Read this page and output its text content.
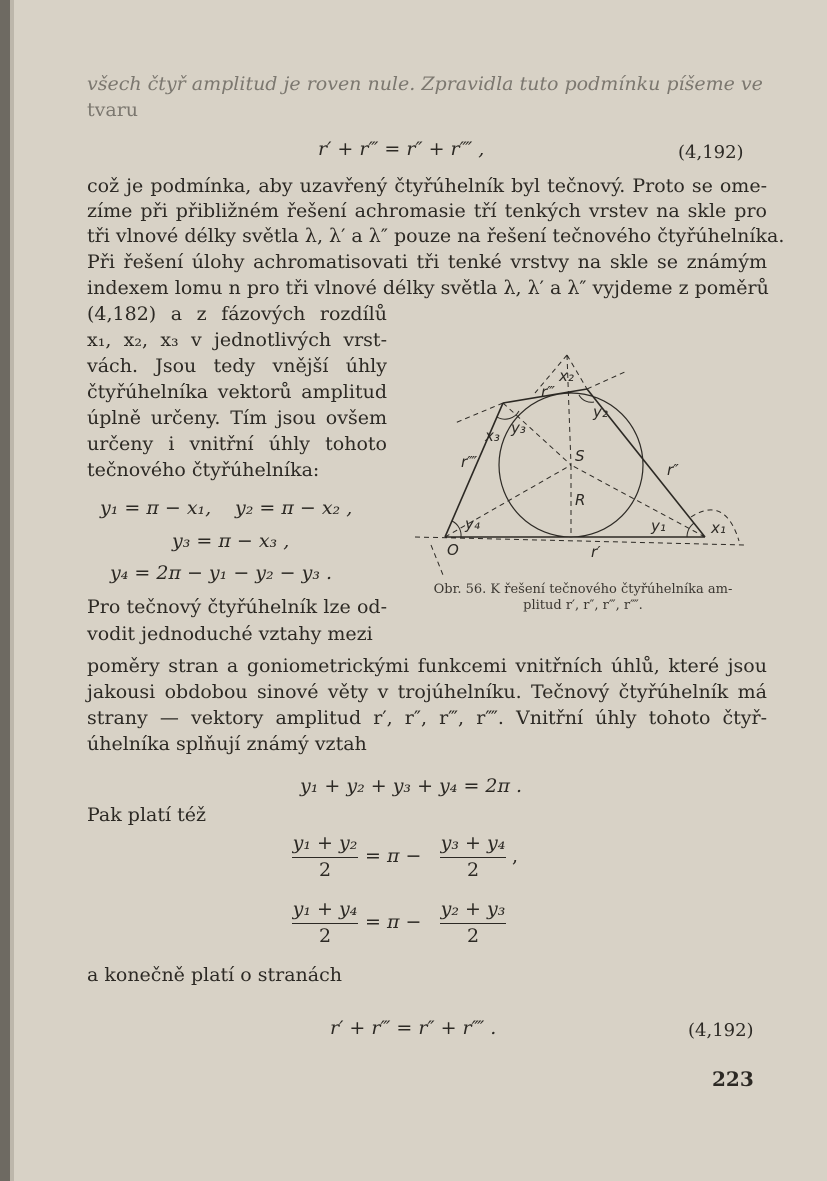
všech čtyř amplitud je roven nule. Zpravidla tuto podmínku píšeme ve
tvaru
r′ + r‴ = r″ + r⁗ ,	(4,192)
což je podmínka, aby uzavřený čtyřúhelník byl tečnový. Proto se ome-
zíme při přibližném řešení achromasie tří tenkých vrstev na skle pro
tři vlnové délky světla λ, λ′ a λ″ pouze na řešení tečnového čtyřúhelníka.
Při řešení úlohy achromatisovati tři tenké vrstvy na skle se známým
indexem lomu n pro tři vlnové délky světla λ, λ′ a λ″ vyjdeme z poměrů
(4,182) a z fázových rozdílů
x₁, x₂, x₃ v jednotlivých vrst-
vách. Jsou tedy vnější úhly
čtyřúhelníka vektorů amplitud
úplně určeny. Tím jsou ovšem
určeny i vnitřní úhly tohoto
tečnového čtyřúhelníka:
y₁ = π − x₁, y₂ = π − x₂ ,
y₃ = π − x₃ ,
y₄ = 2π − y₁ − y₂ − y₃ .
Pro tečnový čtyřúhelník lze od-
vodit jednoduché vztahy mezi
poměry stran a goniometrickými funkcemi vnitřních úhlů, které jsou
jakousi obdobou sinové věty v trojúhelníku. Tečnový čtyřúhelník má
strany — vektory amplitud r′, r″, r‴, r⁗. Vnitřní úhly tohoto čtyř-
úhelníka splňují známý vztah
y₁ + y₂ + y₃ + y₄ = 2π .
Pak platí též
y₁ + y₂
2
= π −
y₃ + y₄
2
,
y₁ + y₄
2
= π −
y₂ + y₃
2
a konečně platí o stranách
r′ + r‴ = r″ + r⁗ .	(4,192)
223
x₂
r‴
y₂
x₃ y₃
r⁗	S
r″
R
y₄	y₁	x₁
O	r′
Obr. 56. K řešení tečnového čtyřúhelníka am-
plitud r′, r″, r‴, r⁗.
